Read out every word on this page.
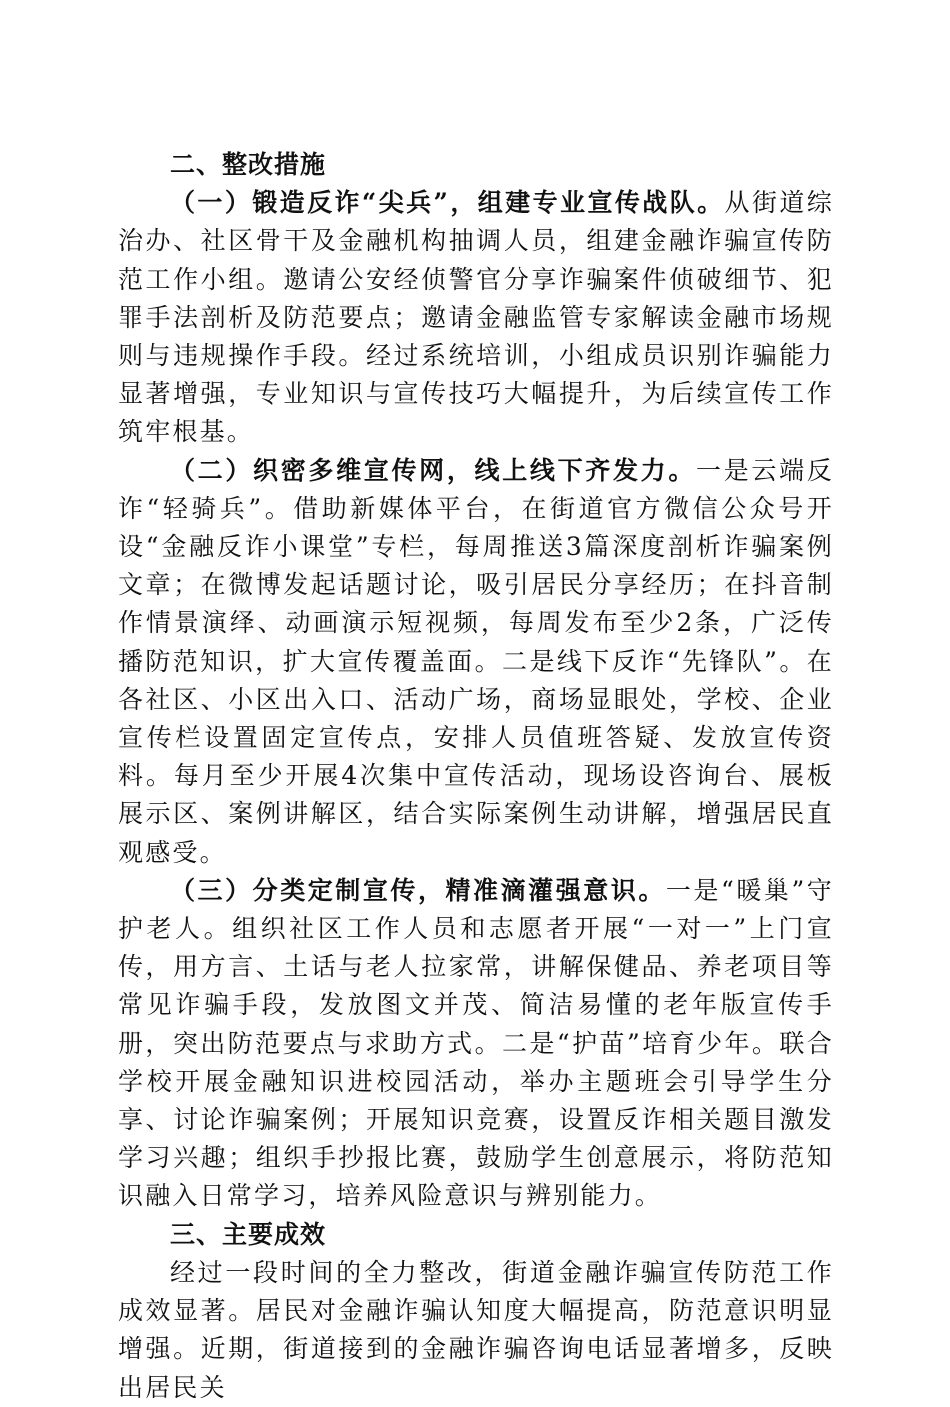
二、整改措施

（一）锻造反诈“尖兵”，组建专业宣传战队。从街道综治办、社区骨干及金融机构抽调人员，组建金融诈骗宣传防范工作小组。邀请公安经侦警官分享诈骗案件侦破细节、犯罪手法剖析及防范要点；邀请金融监管专家解读金融市场规则与违规操作手段。经过系统培训，小组成员识别诈骗能力显著增强，专业知识与宣传技巧大幅提升，为后续宣传工作筑牢根基。

（二）织密多维宣传网，线上线下齐发力。一是云端反诈“轻骑兵”。借助新媒体平台，在街道官方微信公众号开设“金融反诈小课堂”专栏，每周推送3篇深度剖析诈骗案例文章；在微博发起话题讨论，吸引居民分享经历；在抖音制作情景演绎、动画演示短视频，每周发布至少2条，广泛传播防范知识，扩大宣传覆盖面。二是线下反诈“先锋队”。在各社区、小区出入口、活动广场，商场显眼处，学校、企业宣传栏设置固定宣传点，安排人员值班答疑、发放宣传资料。每月至少开展4次集中宣传活动，现场设咨询台、展板展示区、案例讲解区，结合实际案例生动讲解，增强居民直观感受。

（三）分类定制宣传，精准滴灌强意识。一是“暖巢”守护老人。组织社区工作人员和志愿者开展“一对一”上门宣传，用方言、土话与老人拉家常，讲解保健品、养老项目等常见诈骗手段，发放图文并茂、简洁易懂的老年版宣传手册，突出防范要点与求助方式。二是“护苗”培育少年。联合学校开展金融知识进校园活动，举办主题班会引导学生分享、讨论诈骗案例；开展知识竞赛，设置反诈相关题目激发学习兴趣；组织手抄报比赛，鼓励学生创意展示，将防范知识融入日常学习，培养风险意识与辨别能力。

三、主要成效

经过一段时间的全力整改，街道金融诈骗宣传防范工作成效显著。居民对金融诈骗认知度大幅提高，防范意识明显增强。近期，街道接到的金融诈骗咨询电话显著增多，反映出居民关
